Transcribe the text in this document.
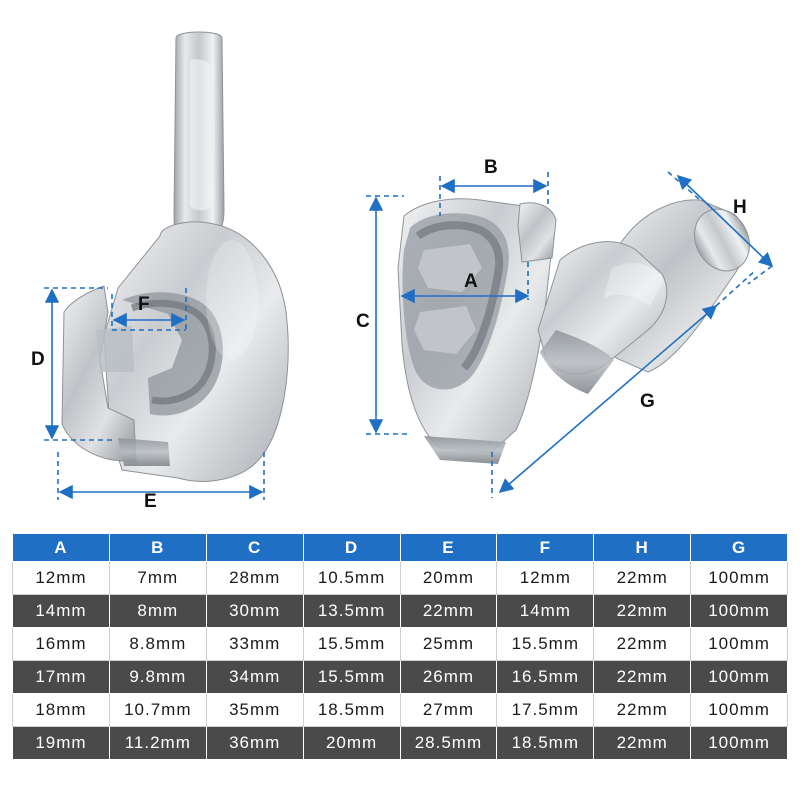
F
D
E
B
C
A
G
H
A	B	C	D	E	F	H	G
12mm	7mm	28mm	10.5mm	20mm	12mm	22mm	100mm
14mm	8mm	30mm	13.5mm	22mm	14mm	22mm	100mm
16mm	8.8mm	33mm	15.5mm	25mm	15.5mm	22mm	100mm
17mm	9.8mm	34mm	15.5mm	26mm	16.5mm	22mm	100mm
18mm	10.7mm	35mm	18.5mm	27mm	17.5mm	22mm	100mm
19mm	11.2mm	36mm	20mm	28.5mm	18.5mm	22mm	100mm
